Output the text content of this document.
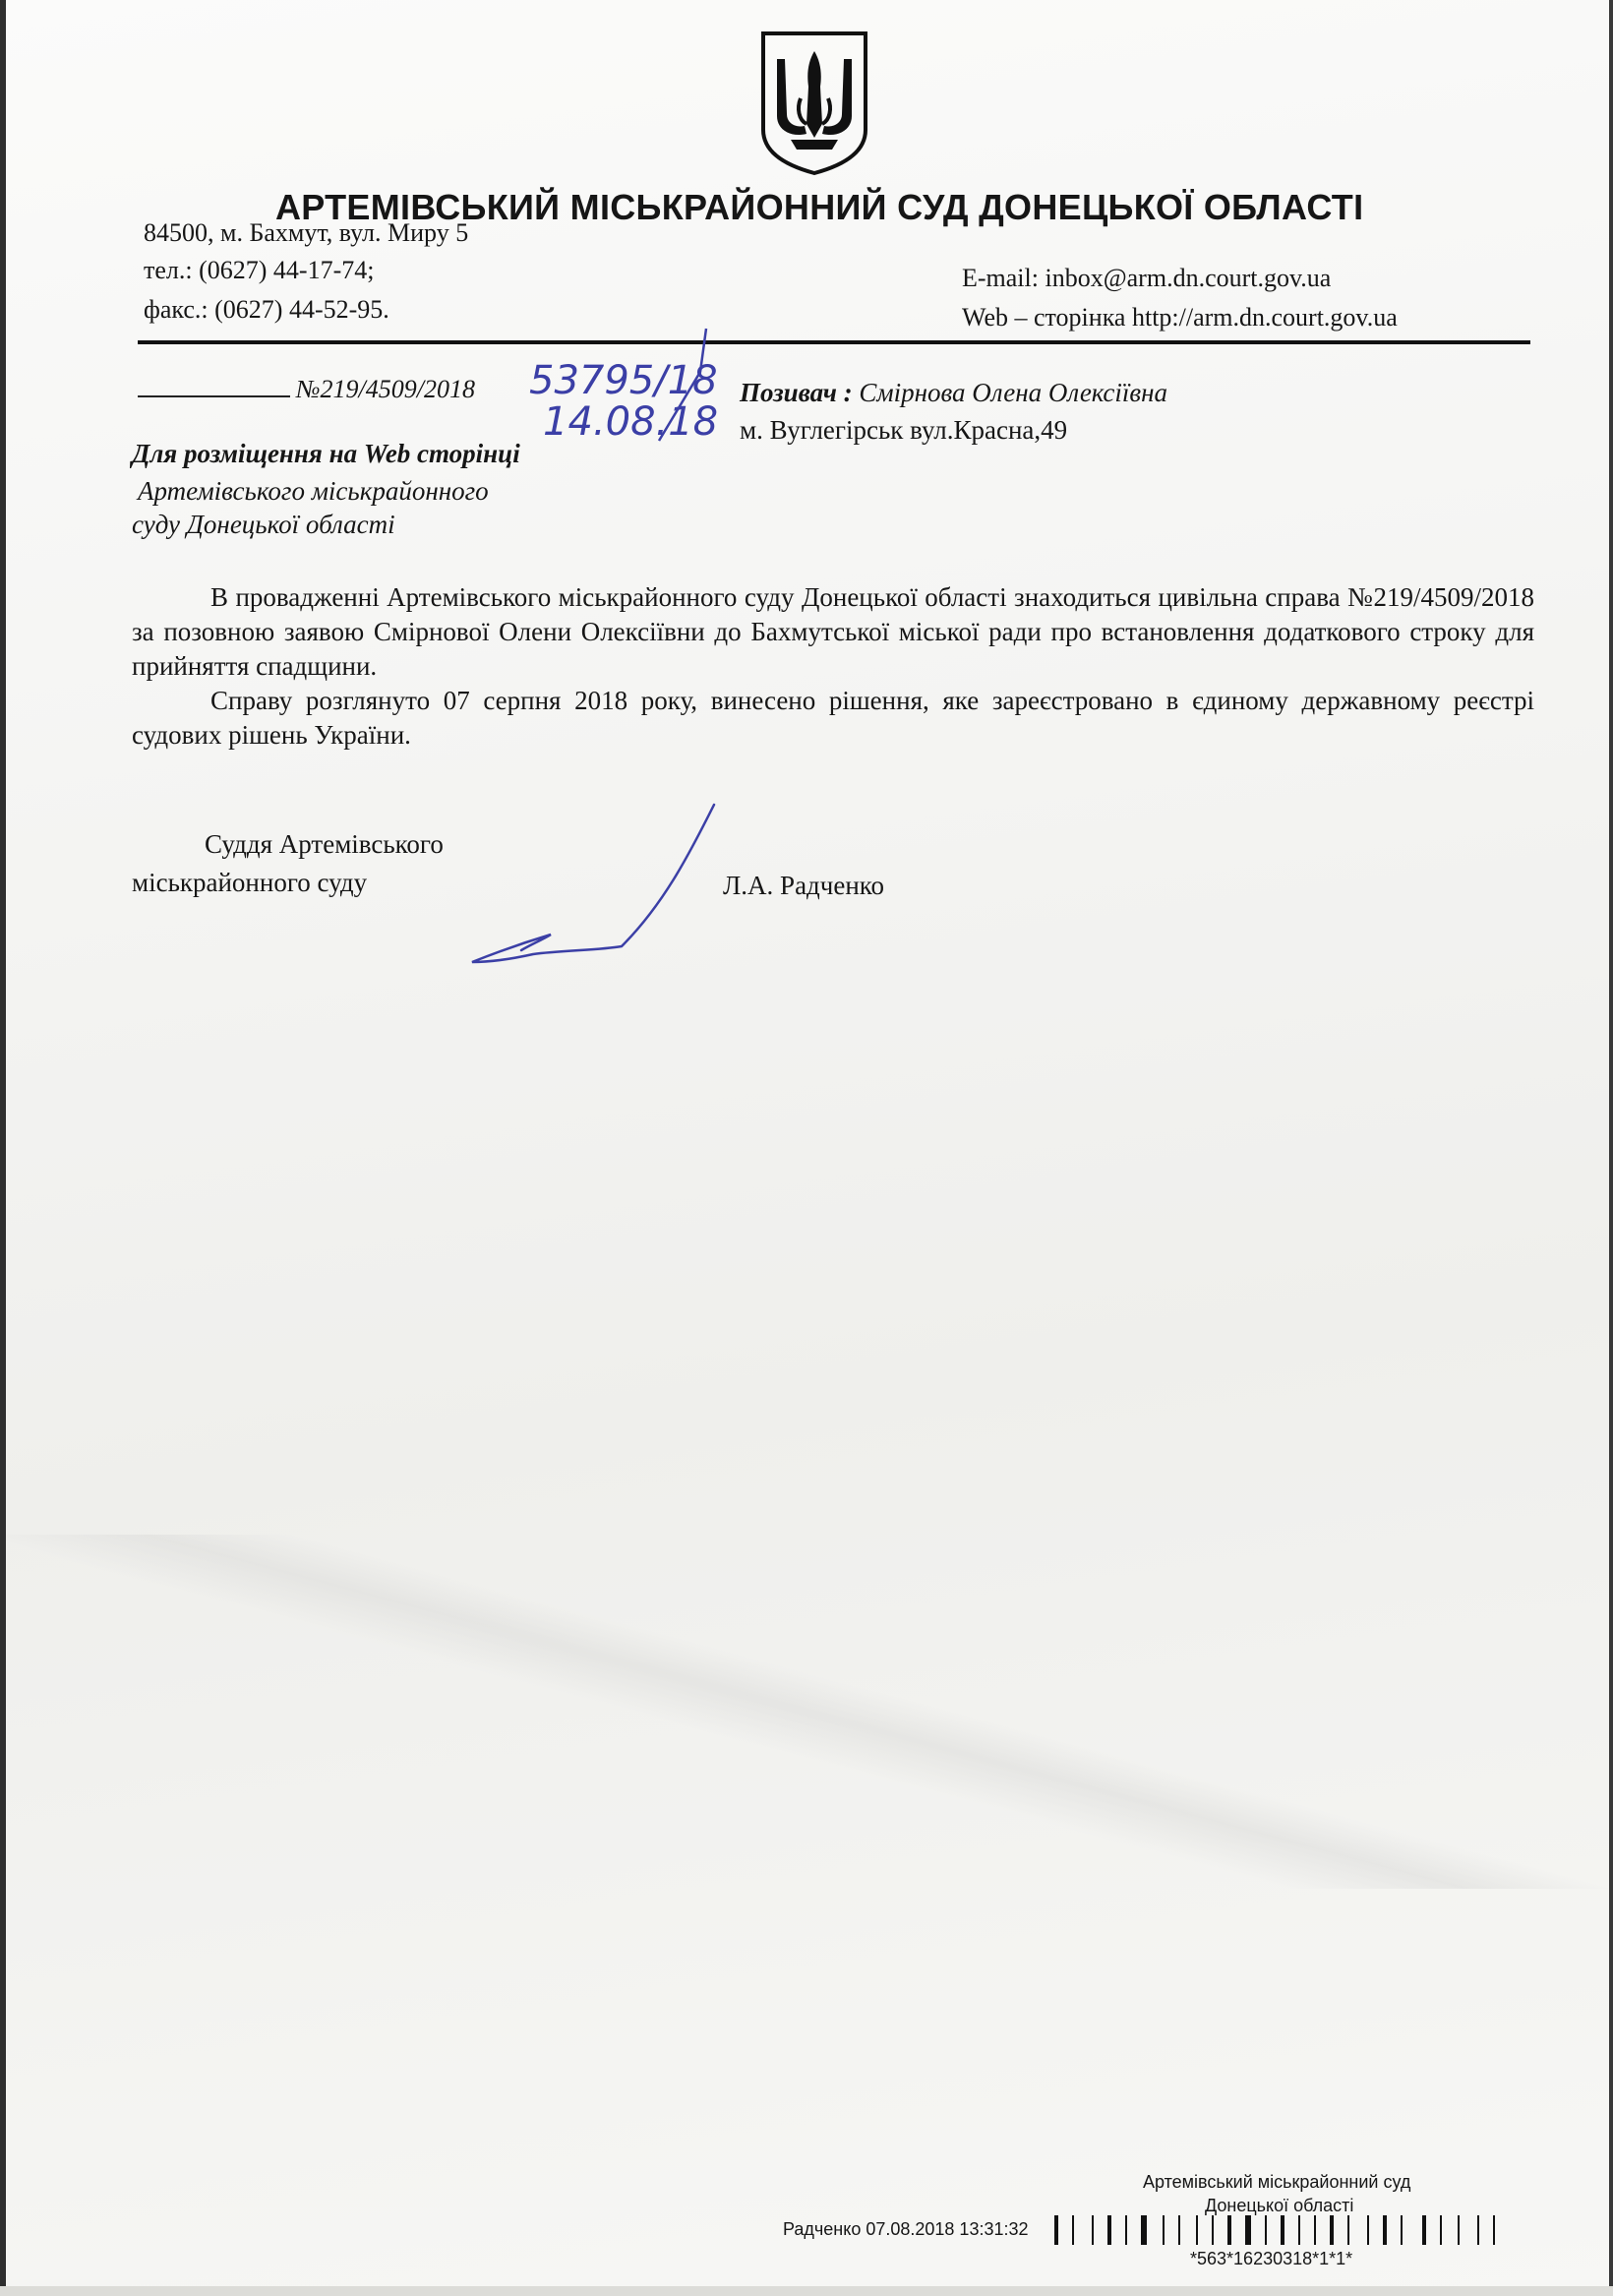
АРТЕМІВСЬКИЙ МІСЬКРАЙОННИЙ СУД ДОНЕЦЬКОЇ ОБЛАСТІ
84500, м. Бахмут, вул. Миру 5
тел.: (0627) 44-17-74;
факс.: (0627) 44-52-95.
E-mail: inbox@arm.dn.court.gov.ua
Web – сторінка http://arm.dn.court.gov.ua
№219/4509/2018 53795/18
14.08.18
Позивач : Смірнова Олена Олексіївна
м. Вуглегірськ вул.Красна,49
Для розміщення на Web сторінці
Артемівського міськрайонного
суду Донецької області

В провадженні Артемівського міськрайонного суду Донецької області знаходиться цивільна справа №219/4509/2018 за позовною заявою Смірнової Олени Олексіївни до Бахмутської міської ради про встановлення додаткового строку для прийняття спадщини.

Справу розглянуто 07 серпня 2018 року, винесено рішення, яке зареєстровано в єдиному державному реєстрі судових рішень України.

Суддя Артемівського
міськрайонного суду	Л.А. Радченко
Артемівський міськрайонний суд
Донецької області
Радченко 07.08.2018 13:31:32
*563*16230318*1*1*
